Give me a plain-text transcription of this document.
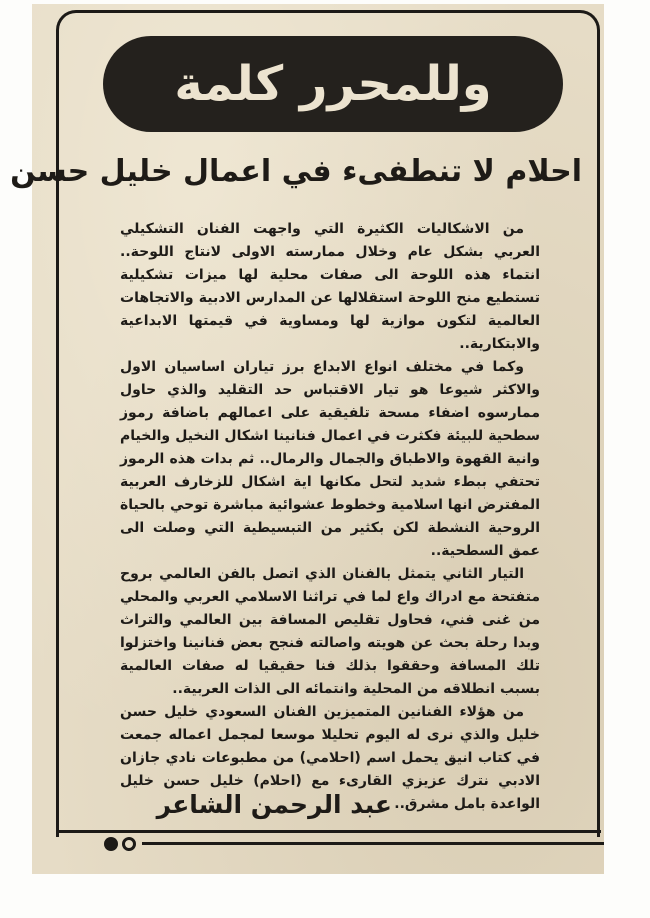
وللمحرر كلمة
احلام لا تنطفىء في اعمال خليل حسن

من الاشكاليات الكثيرة التي واجهت الفنان التشكيلي العربي بشكل عام وخلال ممارسته الاولى لانتاج اللوحة.. انتماء هذه اللوحة الى صفات محلية لها ميزات تشكيلية تستطيع منح اللوحة استقلالها عن المدارس الادبية والاتجاهات العالمية لتكون موازية لها ومساوية في قيمتها الابداعية والابتكارية..

وكما في مختلف انواع الابداع برز تياران اساسيان الاول والاكثر شيوعا هو تيار الاقتباس حد التقليد والذي حاول ممارسوه اضفاء مسحة تلفيقية على اعمالهم باضافة رموز سطحية للبيئة فكثرت في اعمال فنانينا اشكال النخيل والخيام وانية القهوة والاطباق والجمال والرمال.. ثم بدات هذه الرموز تحتفي ببطء شديد لتحل مكانها اية اشكال للزخارف العربية المفترض انها اسلامية وخطوط عشوائية مباشرة توحي بالحياة الروحية النشطة لكن بكثير من التبسيطية التي وصلت الى عمق السطحية..

التيار الثاني يتمثل بالفنان الذي اتصل بالفن العالمي بروح متفتحة مع ادراك واع لما في تراثنا الاسلامي العربي والمحلي من غنى فني، فحاول تقليص المسافة بين العالمي والتراث وبدا رحلة بحث عن هويته واصالته فنجح بعض فنانينا واختزلوا تلك المسافة وحققوا بذلك فنا حقيقيا له صفات العالمية بسبب انطلاقه من المحلية وانتمائه الى الذات العربية..

من هؤلاء الفنانين المتميزين الفنان السعودي خليل حسن خليل والذي نرى له اليوم تحليلا موسعا لمجمل اعماله جمعت في كتاب انيق يحمل اسم (احلامي) من مطبوعات نادي جازان الادبي نترك عزيزي القارىء مع (احلام) خليل حسن خليل الواعدة بامل مشرق..

عبد الرحمن الشاعر
